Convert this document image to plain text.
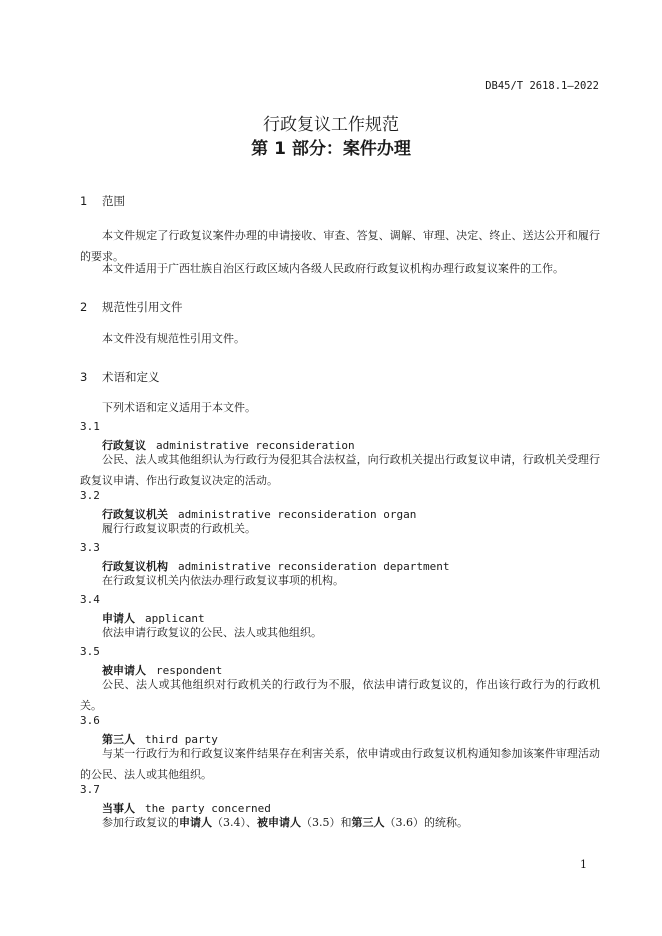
DB45/T 2618.1—2022
行政复议工作规范
第 1 部分：案件办理
1 范围
本文件规定了行政复议案件办理的申请接收、审查、答复、调解、审理、决定、终止、送达公开和履行的要求。
本文件适用于广西壮族自治区行政区域内各级人民政府行政复议机构办理行政复议案件的工作。
2 规范性引用文件
本文件没有规范性引用文件。
3 术语和定义
下列术语和定义适用于本文件。
3.1
行政复议 administrative reconsideration
公民、法人或其他组织认为行政行为侵犯其合法权益，向行政机关提出行政复议申请，行政机关受理行政复议申请、作出行政复议决定的活动。
3.2
行政复议机关 administrative reconsideration organ
履行行政复议职责的行政机关。
3.3
行政复议机构 administrative reconsideration department
在行政复议机关内依法办理行政复议事项的机构。
3.4
申请人 applicant
依法申请行政复议的公民、法人或其他组织。
3.5
被申请人 respondent
公民、法人或其他组织对行政机关的行政行为不服，依法申请行政复议的，作出该行政行为的行政机关。
3.6
第三人 third party
与某一行政行为和行政复议案件结果存在利害关系，依申请或由行政复议机构通知参加该案件审理活动的公民、法人或其他组织。
3.7
当事人 the party concerned
参加行政复议的申请人（3.4）、被申请人（3.5）和第三人（3.6）的统称。
1
